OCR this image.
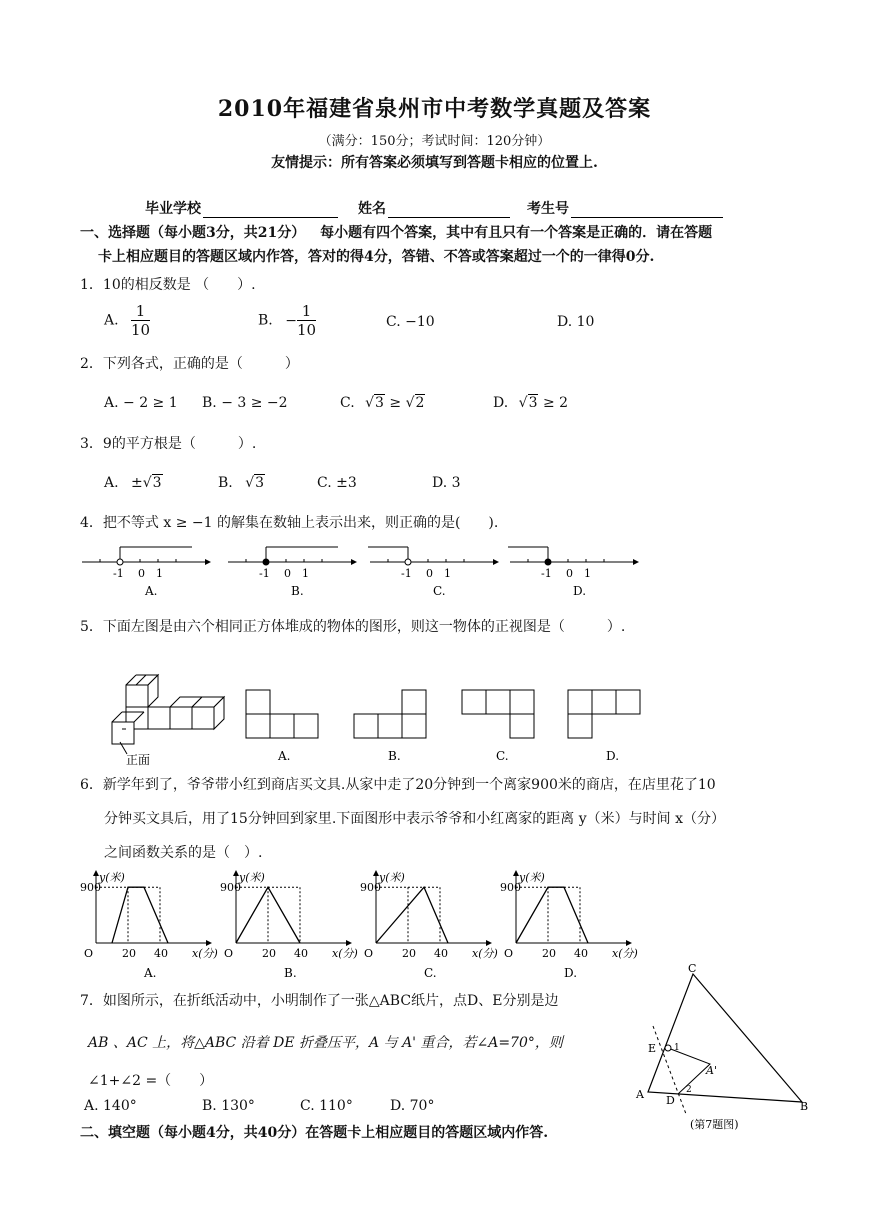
2010年福建省泉州市中考数学真题及答案
（满分：150分；考试时间：120分钟）
友情提示：所有答案必须填写到答题卡相应的位置上.
毕业学校	姓名	考生号
一、选择题（每小题3分，共21分） 每小题有四个答案，其中有且只有一个答案是正确的．请在答题
卡上相应题目的答题区域内作答，答对的得4分，答错、不答或答案超过一个的一律得0分.
1．10的相反数是 （　　）.
A. $\frac{1}{10}$	B. − $\frac{1}{10}$	C. −10	D. 10
2．下列各式，正确的是（　　　）
A. − 2 ≥ 1 B. − 3 ≥ −2	C. √3 ≥ √2	D. √3 ≥ 2
3．9的平方根是（　　　）.
A. ±√3	B. √3	C. ±3	D. 3
4．把不等式 x ≥ −1 的解集在数轴上表示出来，则正确的是(　　).
-1 0 1
A.
-1 0 1
B.
-1 0 1
C.
-1 0 1
D.
5．下面左图是由六个相同正方体堆成的物体的图形，则这一物体的正视图是（　　　）.
正面	A.	B.	C.	D.
6．新学年到了，爷爷带小红到商店买文具.从家中走了20分钟到一个离家900米的商店，在店里花了10
分钟买文具后，用了15分钟回到家里.下面图形中表示爷爷和小红离家的距离 y（米）与时间 x（分）
之间函数关系的是（　）.
y(米)
900
O	20 40 x(分)
A.
y(米)
900
O	20 40 x(分)
B.
y(米)
900
O	20 40 x(分)
C.
y(米)
900
O	20 40 x(分)
D.
7．如图所示，在折纸活动中，小明制作了一张△ABC纸片，点D、E分别是边
AB 、AC 上，将△ABC 沿着 DE 折叠压平，A 与 A' 重合，若∠A=70°，则
∠1+∠2 =（　　）
A. 140°	B. 130°	C. 110°	D. 70°
A
B
C
D
E
A'
1
2
(第7题图)
二、填空题（每小题4分，共40分）在答题卡上相应题目的答题区域内作答.
